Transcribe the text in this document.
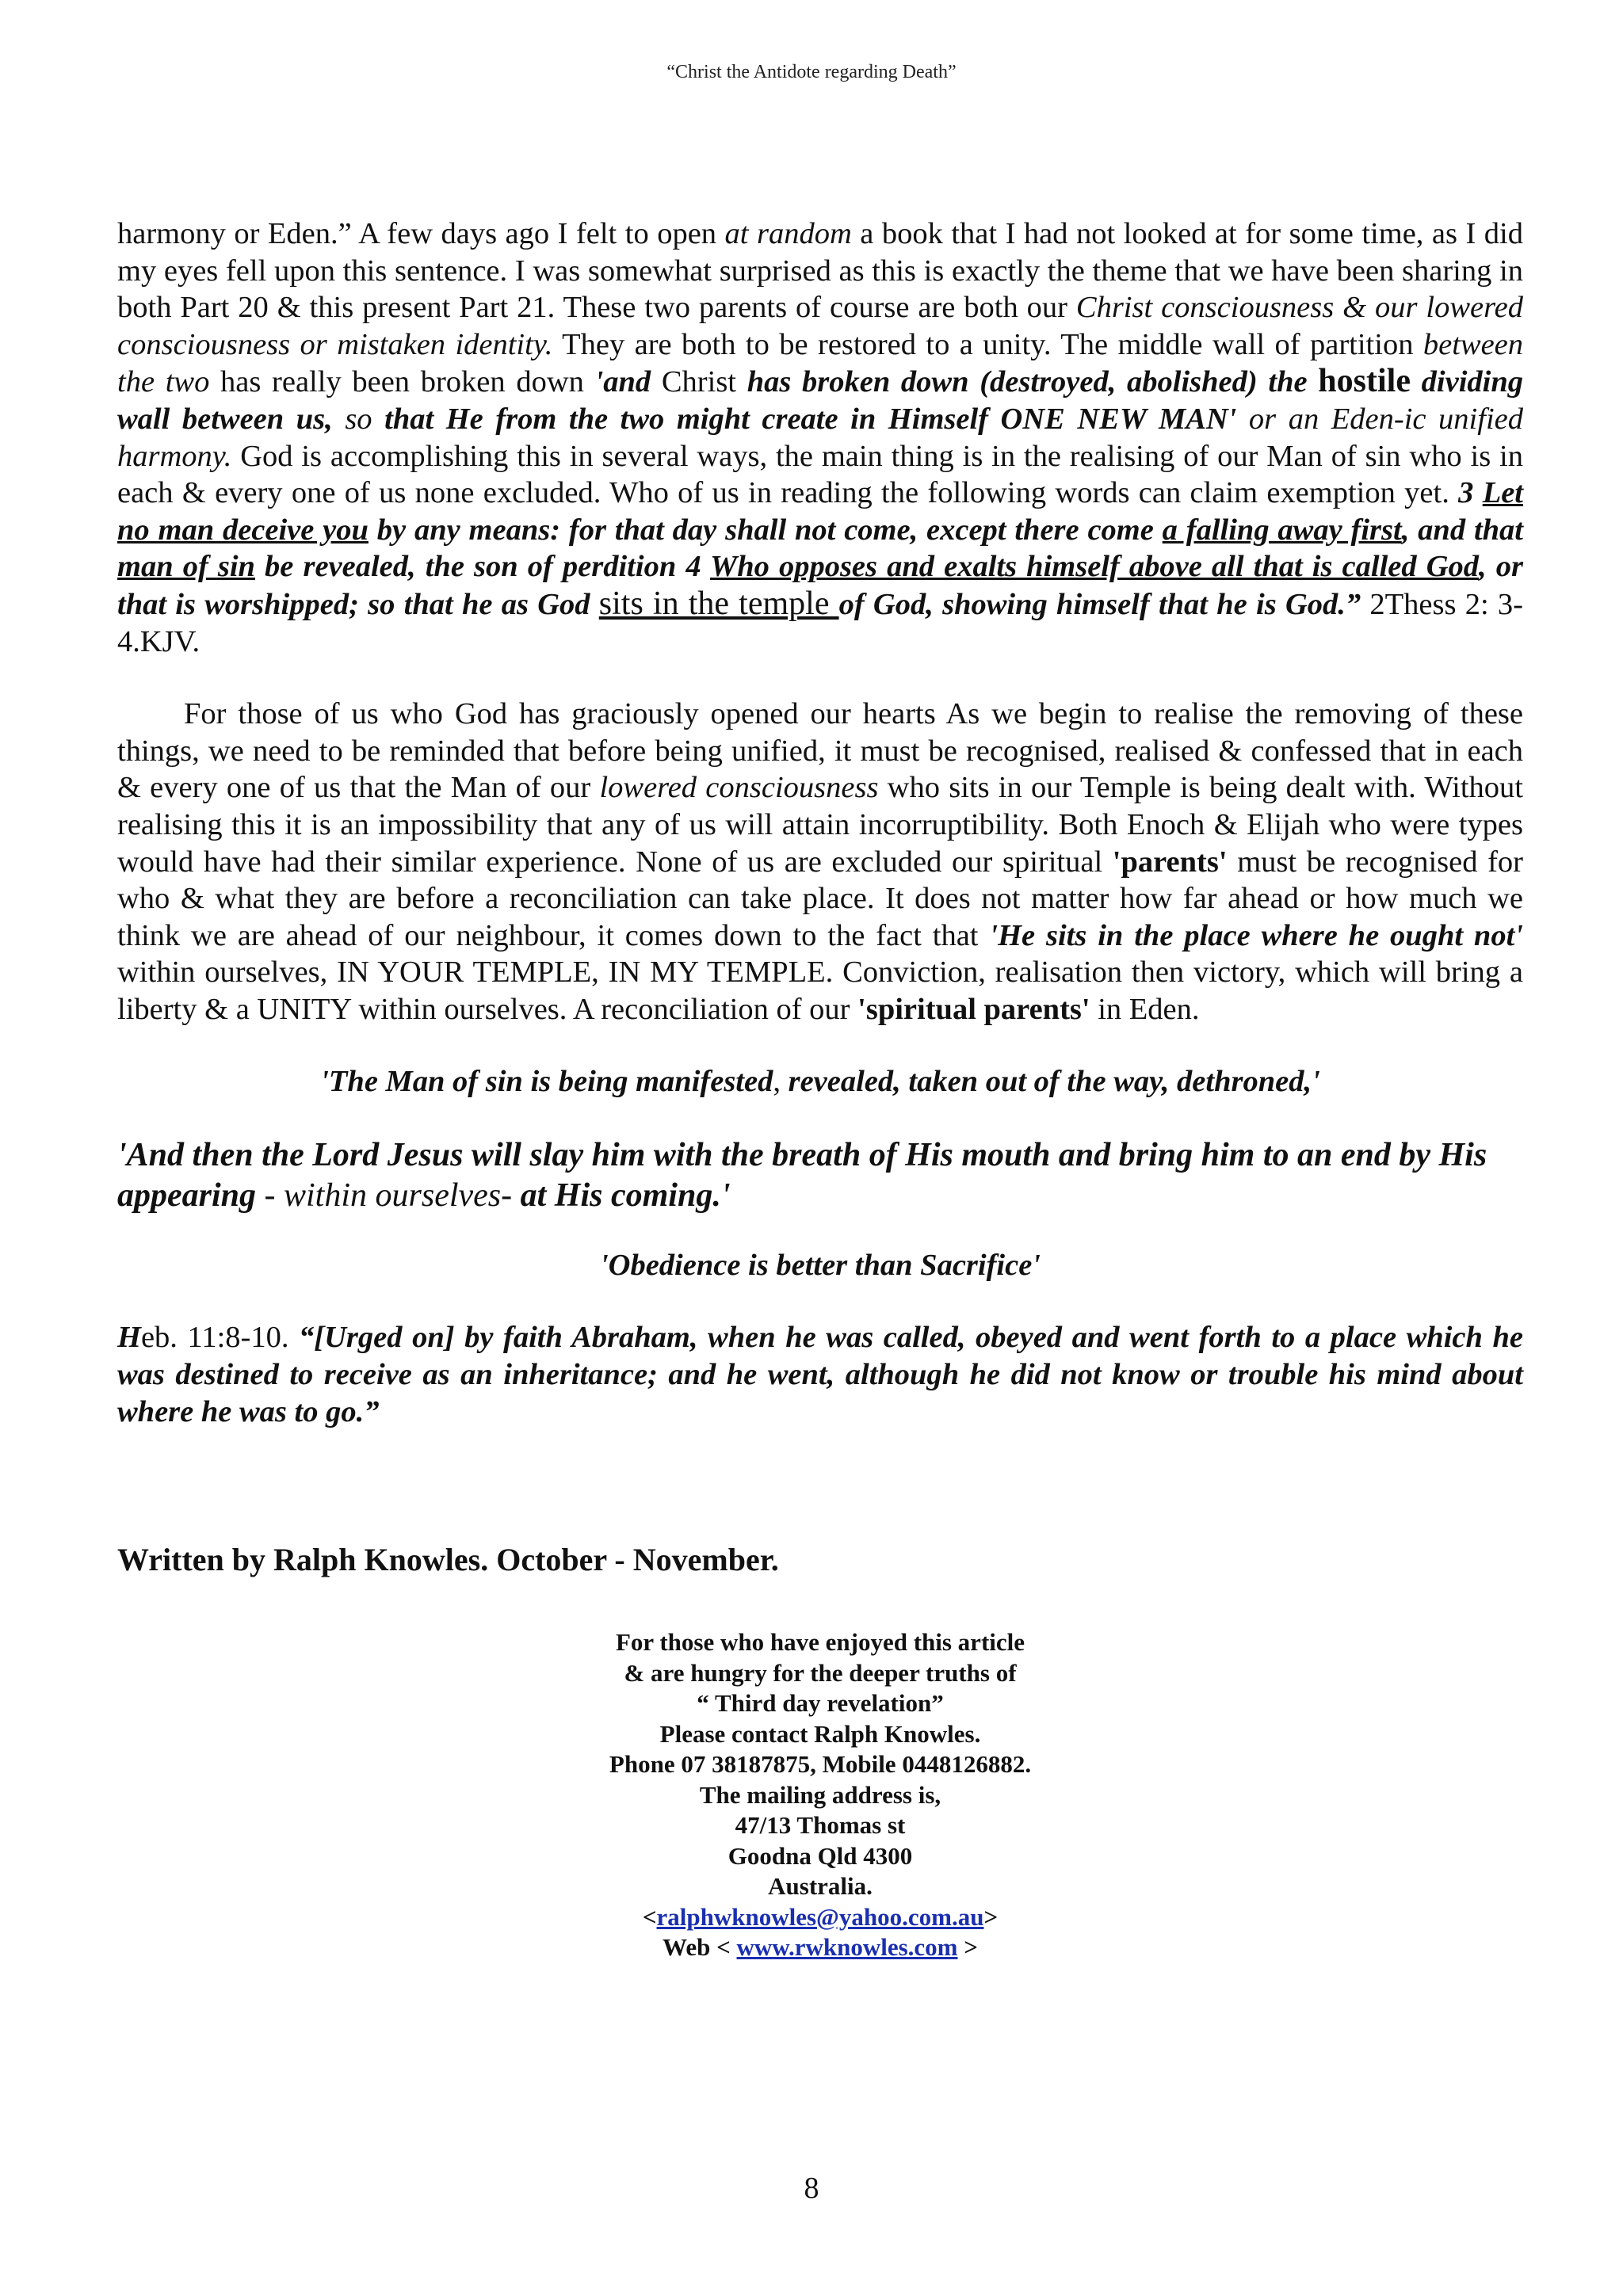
“Christ the Antidote regarding Death”

harmony or Eden.” A few days ago I felt to open at random a book that I had not looked at for some time, as I did my eyes fell upon this sentence. I was somewhat surprised as this is exactly the theme that we have been sharing in both Part 20 & this present Part 21. These two parents of course are both our Christ consciousness & our lowered consciousness or mistaken identity. They are both to be restored to a unity. The middle wall of partition between the two has really been broken down 'and Christ has broken down (destroyed, abolished) the hostile dividing wall between us, so that He from the two might create in Himself ONE NEW MAN' or an Eden-ic unified harmony. God is accomplishing this in several ways, the main thing is in the realising of our Man of sin who is in each & every one of us none excluded. Who of us in reading the following words can claim exemption yet. 3 Let no man deceive you by any means: for that day shall not come, except there come a falling away first, and that man of sin be revealed, the son of perdition 4 Who opposes and exalts himself above all that is called God, or that is worshipped; so that he as God sits in the temple of God, showing himself that he is God.” 2Thess 2: 3-4.KJV.

For those of us who God has graciously opened our hearts As we begin to realise the removing of these things, we need to be reminded that before being unified, it must be recognised, realised & confessed that in each & every one of us that the Man of our lowered consciousness who sits in our Temple is being dealt with. Without realising this it is an impossibility that any of us will attain incorruptibility. Both Enoch & Elijah who were types would have had their similar experience. None of us are excluded our spiritual 'parents' must be recognised for who & what they are before a reconciliation can take place. It does not matter how far ahead or how much we think we are ahead of our neighbour, it comes down to the fact that 'He sits in the place where he ought not' within ourselves, IN YOUR TEMPLE, IN MY TEMPLE. Conviction, realisation then victory, which will bring a liberty & a UNITY within ourselves. A reconciliation of our 'spiritual parents' in Eden.

'The Man of sin is being manifested, revealed, taken out of the way, dethroned,'
'And then the Lord Jesus will slay him with the breath of His mouth and bring him to an end by His appearing - within ourselves- at His coming.'
'Obedience is better than Sacrifice'

Heb. 11:8-10. “[Urged on] by faith Abraham, when he was called, obeyed and went forth to a place which he was destined to receive as an inheritance; and he went, although he did not know or trouble his mind about where he was to go.”

Written by Ralph Knowles. October - November.
For those who have enjoyed this article
& are hungry for the deeper truths of
“ Third day revelation”
Please contact Ralph Knowles.
Phone 07 38187875, Mobile 0448126882.
The mailing address is,
47/13 Thomas st
Goodna Qld 4300
Australia.
<ralphwknowles@yahoo.com.au>
Web < www.rwknowles.com >
8
